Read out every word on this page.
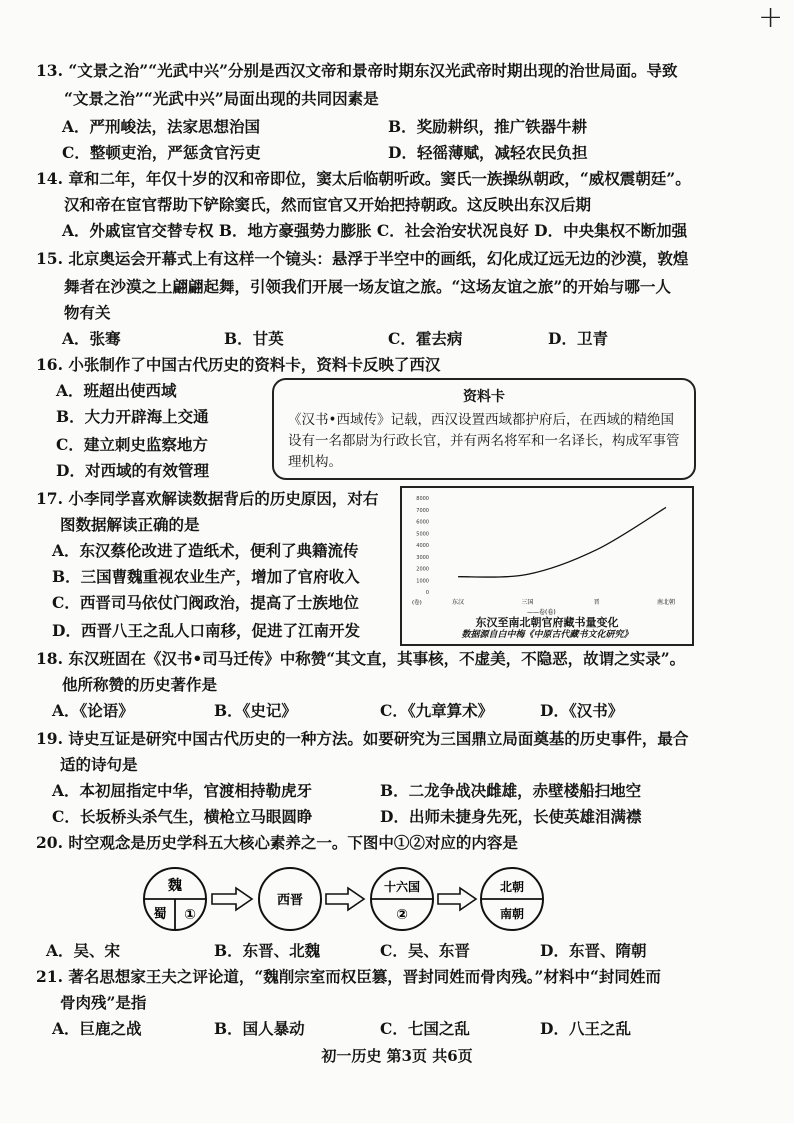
+
13. “文景之治”“光武中兴”分别是西汉文帝和景帝时期东汉光武帝时期出现的治世局面。导致
“文景之治”“光武中兴”局面出现的共同因素是
A．严刑峻法，法家思想治国	B．奖励耕织，推广铁器牛耕
C．整顿吏治，严惩贪官污吏	D．轻徭薄赋，减轻农民负担
14. 章和二年，年仅十岁的汉和帝即位，窦太后临朝听政。窦氏一族操纵朝政，“威权震朝廷”。
汉和帝在宦官帮助下铲除窦氏，然而宦官又开始把持朝政。这反映出东汉后期
A．外戚宦官交替专权 B．地方豪强势力膨胀 C．社会治安状况良好 D．中央集权不断加强
15. 北京奥运会开幕式上有这样一个镜头：悬浮于半空中的画纸，幻化成辽远无边的沙漠，敦煌
舞者在沙漠之上翩翩起舞，引领我们开展一场友谊之旅。“这场友谊之旅”的开始与哪一人
物有关
A．张骞	B．甘英	C．霍去病	D．卫青
16. 小张制作了中国古代历史的资料卡，资料卡反映了西汉
A．班超出使西域
B．大力开辟海上交通
C．建立刺史监察地方
D．对西域的有效管理
资料卡
《汉书•西域传》记载，西汉设置西域都护府后，在西域的精绝国设有一名都尉为行政长官，并有两名将军和一名译长，构成军事管理机构。
17. 小李同学喜欢解读数据背后的历史原因，对右
图数据解读正确的是
A．东汉蔡伦改进了造纸术，便利了典籍流传
B．三国曹魏重视农业生产，增加了官府收入
C．西晋司马依仗门阀政治，提高了士族地位
D．西晋八王之乱人口南移，促进了江南开发
8000
7000
6000
5000
4000
3000
2000
1000
0
(卷)	东汉	三国	晋	南北朝
——卷(卷)
东汉至南北朝官府藏书量变化
数据源自白中梅《中原古代藏书文化研究》
18. 东汉班固在《汉书•司马迁传》中称赞“其文直，其事核，不虚美，不隐恶，故谓之实录”。
他所称赞的历史著作是
A．《论语》	B．《史记》	C．《九章算术》	D．《汉书》
19. 诗史互证是研究中国古代历史的一种方法。如要研究为三国鼎立局面奠基的历史事件，最合
适的诗句是
A．本初屈指定中华，官渡相持勒虎牙	B．二龙争战决雌雄，赤壁楼船扫地空
C．长坂桥头杀气生，横枪立马眼圆睁	D．出师未捷身先死，长使英雄泪满襟
20. 时空观念是历史学科五大核心素养之一。下图中①②对应的内容是
魏
蜀 ①
西晋
十六国
②
北朝
南朝
A．吴、宋	B．东晋、北魏	C．吴、东晋	D．东晋、隋朝
21. 著名思想家王夫之评论道，“魏削宗室而权臣篡，晋封同姓而骨肉残。”材料中“封同姓而
骨肉残”是指
A．巨鹿之战	B．国人暴动	C．七国之乱	D．八王之乱
初一历史 第3页 共6页
